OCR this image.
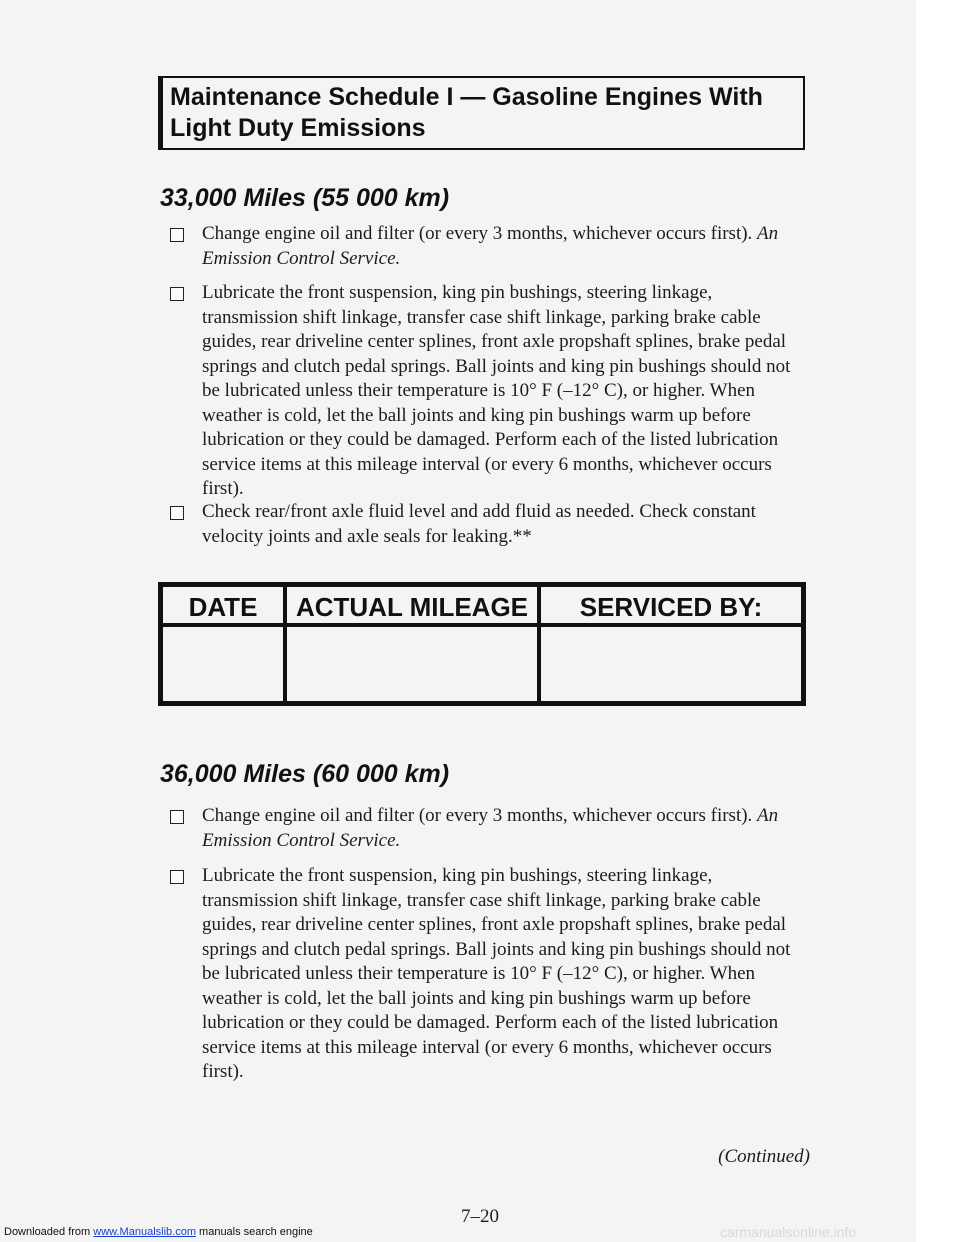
Maintenance Schedule I — Gasoline Engines With Light Duty Emissions
33,000 Miles (55 000 km)
Change engine oil and filter (or every 3 months, whichever occurs first). An Emission Control Service.
Lubricate the front suspension, king pin bushings, steering linkage, transmission shift linkage, transfer case shift linkage, parking brake cable guides, rear driveline center splines, front axle propshaft splines, brake pedal springs and clutch pedal springs. Ball joints and king pin bushings should not be lubricated unless their temperature is 10° F (–12° C), or higher. When weather is cold, let the ball joints and king pin bushings warm up before lubrication or they could be damaged. Perform each of the listed lubrication service items at this mileage interval (or every 6 months, whichever occurs first).
Check rear/front axle fluid level and add fluid as needed. Check constant velocity joints and axle seals for leaking.**
DATE	ACTUAL MILEAGE	SERVICED BY:
36,000 Miles (60 000 km)
Change engine oil and filter (or every 3 months, whichever occurs first). An Emission Control Service.
Lubricate the front suspension, king pin bushings, steering linkage, transmission shift linkage, transfer case shift linkage, parking brake cable guides, rear driveline center splines, front axle propshaft splines, brake pedal springs and clutch pedal springs. Ball joints and king pin bushings should not be lubricated unless their temperature is 10° F (–12° C), or higher. When weather is cold, let the ball joints and king pin bushings warm up before lubrication or they could be damaged. Perform each of the listed lubrication service items at this mileage interval (or every 6 months, whichever occurs first).
(Continued)
7–20
Downloaded from www.Manualslib.com manuals search engine	carmanualsonline.info
